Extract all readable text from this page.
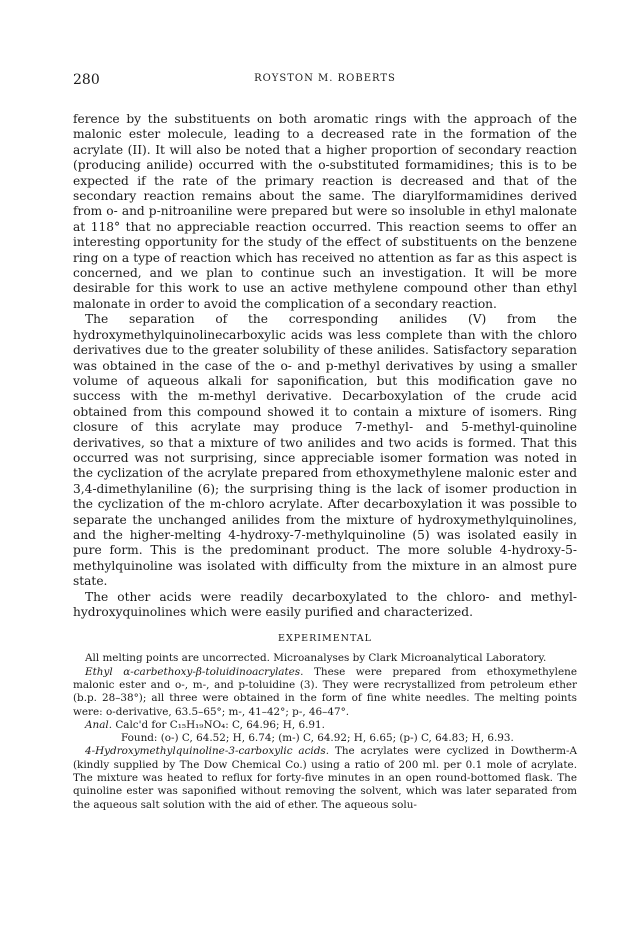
280	ROYSTON M. ROBERTS

ference by the substituents on both aromatic rings with the approach of the malonic ester molecule, leading to a decreased rate in the formation of the acrylate (II). It will also be noted that a higher proportion of secondary reaction (producing anilide) occurred with the o-substituted formamidines; this is to be expected if the rate of the primary reaction is decreased and that of the secondary reaction remains about the same. The diarylformamidines derived from o- and p-nitroaniline were prepared but were so insoluble in ethyl malonate at 118° that no appreciable reaction occurred. This reaction seems to offer an interesting opportunity for the study of the effect of substituents on the benzene ring on a type of reaction which has received no attention as far as this aspect is concerned, and we plan to continue such an investigation. It will be more desirable for this work to use an active methylene compound other than ethyl malonate in order to avoid the complication of a secondary reaction.

The separation of the corresponding anilides (V) from the hydroxymethylquinolinecarboxylic acids was less complete than with the chloro derivatives due to the greater solubility of these anilides. Satisfactory separation was obtained in the case of the o- and p-methyl derivatives by using a smaller volume of aqueous alkali for saponification, but this modification gave no success with the m-methyl derivative. Decarboxylation of the crude acid obtained from this compound showed it to contain a mixture of isomers. Ring closure of this acrylate may produce 7-methyl- and 5-methyl-quinoline derivatives, so that a mixture of two anilides and two acids is formed. That this occurred was not surprising, since appreciable isomer formation was noted in the cyclization of the acrylate prepared from ethoxymethylene malonic ester and 3,4-dimethylaniline (6); the surprising thing is the lack of isomer production in the cyclization of the m-chloro acrylate. After decarboxylation it was possible to separate the unchanged anilides from the mixture of hydroxymethylquinolines, and the higher-melting 4-hydroxy-7-methylquinoline (5) was isolated easily in pure form. This is the predominant product. The more soluble 4-hydroxy-5-methylquinoline was isolated with difficulty from the mixture in an almost pure state.

The other acids were readily decarboxylated to the chloro- and methyl-hydroxyquinolines which were easily purified and characterized.

EXPERIMENTAL

All melting points are uncorrected. Microanalyses by Clark Microanalytical Laboratory.

Ethyl α-carbethoxy-β-toluidinoacrylates. These were prepared from ethoxymethylene malonic ester and o-, m-, and p-toluidine (3). They were recrystallized from petroleum ether (b.p. 28–38°); all three were obtained in the form of fine white needles. The melting points were: o-derivative, 63.5–65°; m-, 41–42°; p-, 46–47°.

Anal. Calc'd for C₁₅H₁₉NO₄: C, 64.96; H, 6.91.

Found: (o-) C, 64.52; H, 6.74; (m-) C, 64.92; H, 6.65; (p-) C, 64.83; H, 6.93.

4-Hydroxymethylquinoline-3-carboxylic acids. The acrylates were cyclized in Dowtherm-A (kindly supplied by The Dow Chemical Co.) using a ratio of 200 ml. per 0.1 mole of acrylate. The mixture was heated to reflux for forty-five minutes in an open round-bottomed flask. The quinoline ester was saponified without removing the solvent, which was later separated from the aqueous salt solution with the aid of ether. The aqueous solu-
